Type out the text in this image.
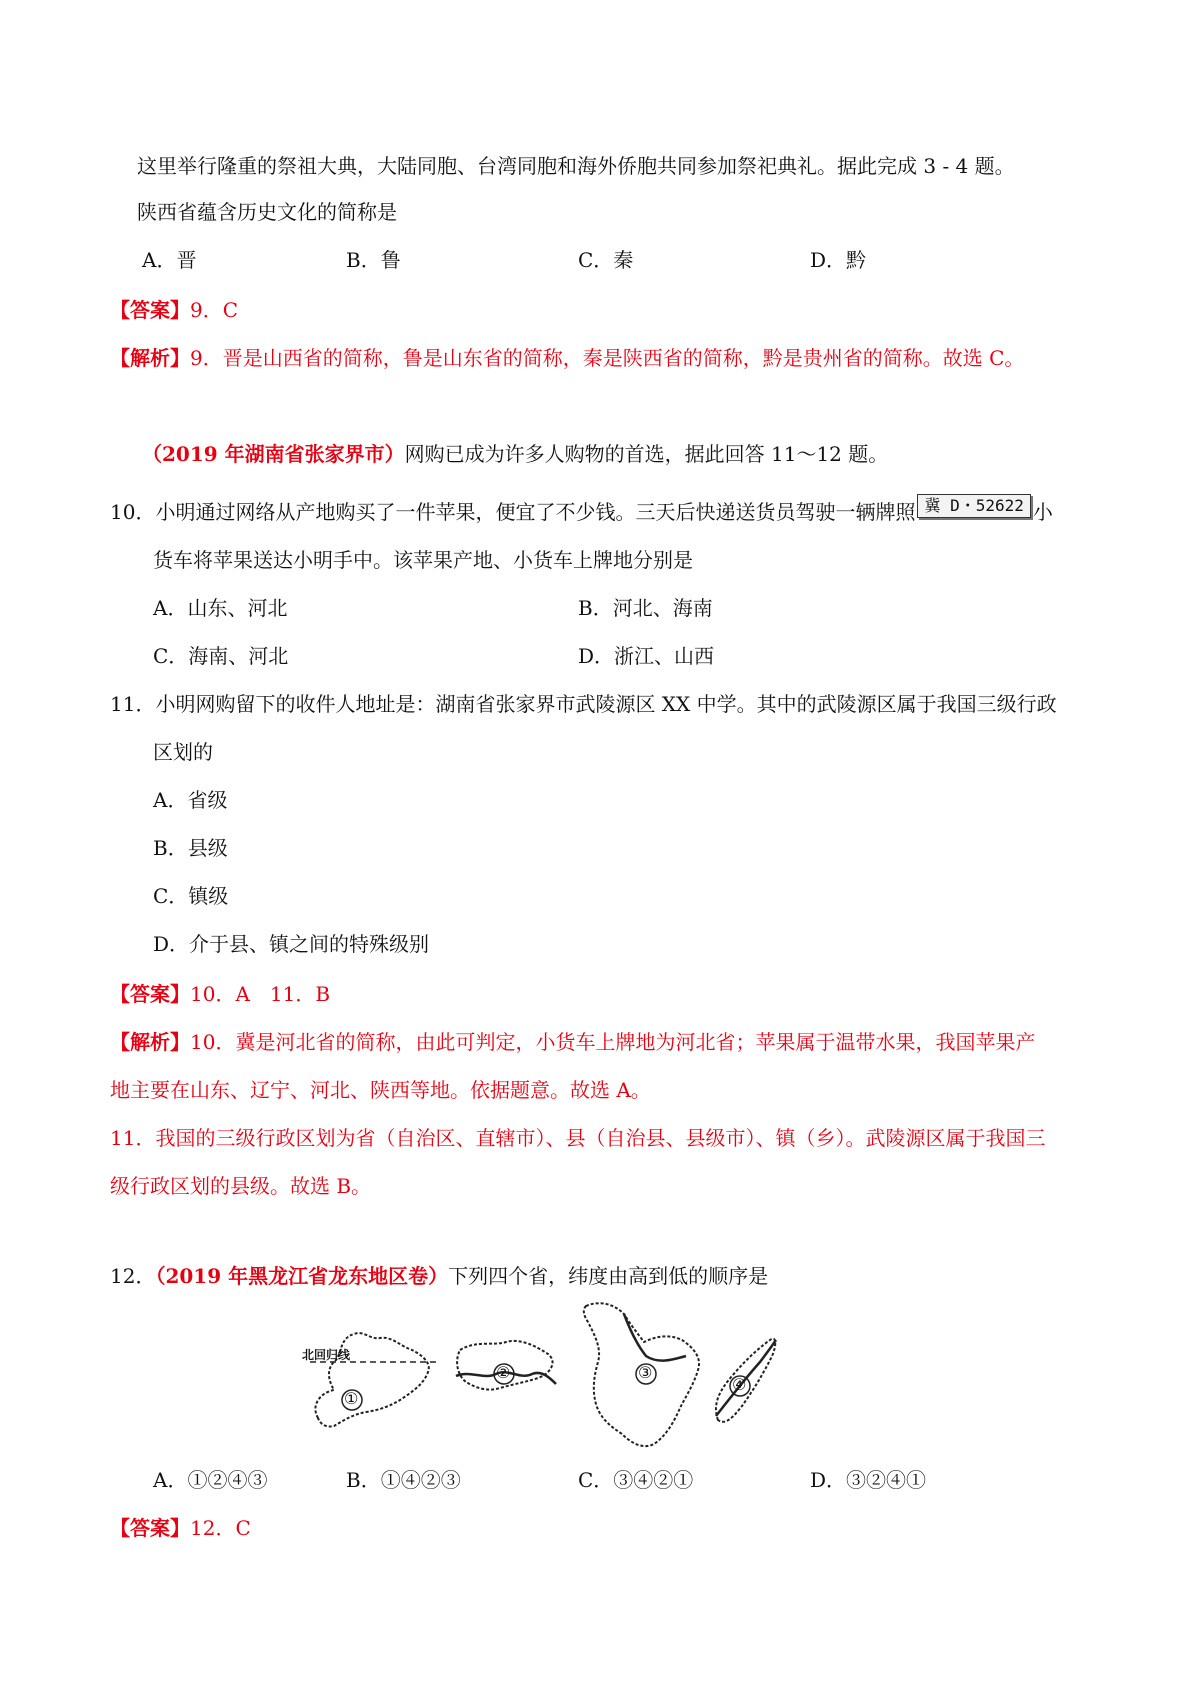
这里举行隆重的祭祖大典，大陆同胞、台湾同胞和海外侨胞共同参加祭祀典礼。据此完成 3 - 4 题。
陕西省蕴含历史文化的简称是
A．晋	B．鲁	C．秦	D．黔
【答案】9．C
【解析】9．晋是山西省的简称，鲁是山东省的简称，秦是陕西省的简称，黔是贵州省的简称。故选 C。
（2019 年湖南省张家界市）网购已成为许多人购物的首选，据此回答 11～12 题。
10．小明通过网络从产地购买了一件苹果，便宜了不少钱。三天后快递送货员驾驶一辆牌照 冀 D・52622 小
货车将苹果送达小明手中。该苹果产地、小货车上牌地分别是
A．山东、河北	B．河北、海南
C．海南、河北	D．浙江、山西
11．小明网购留下的收件人地址是：湖南省张家界市武陵源区 XX 中学。其中的武陵源区属于我国三级行政
区划的
A．省级
B．县级
C．镇级
D．介于县、镇之间的特殊级别
【答案】10．A　11．B
【解析】10．冀是河北省的简称，由此可判定，小货车上牌地为河北省；苹果属于温带水果，我国苹果产
地主要在山东、辽宁、河北、陕西等地。依据题意。故选 A。
11．我国的三级行政区划为省（自治区、直辖市）、县（自治县、县级市）、镇（乡）。武陵源区属于我国三
级行政区划的县级。故选 B。
12．（2019 年黑龙江省龙东地区卷）下列四个省，纬度由高到低的顺序是
北回归线
①
②	③
④
A．①②④③	B．①④②③	C．③④②①	D．③②④①
【答案】12．C
